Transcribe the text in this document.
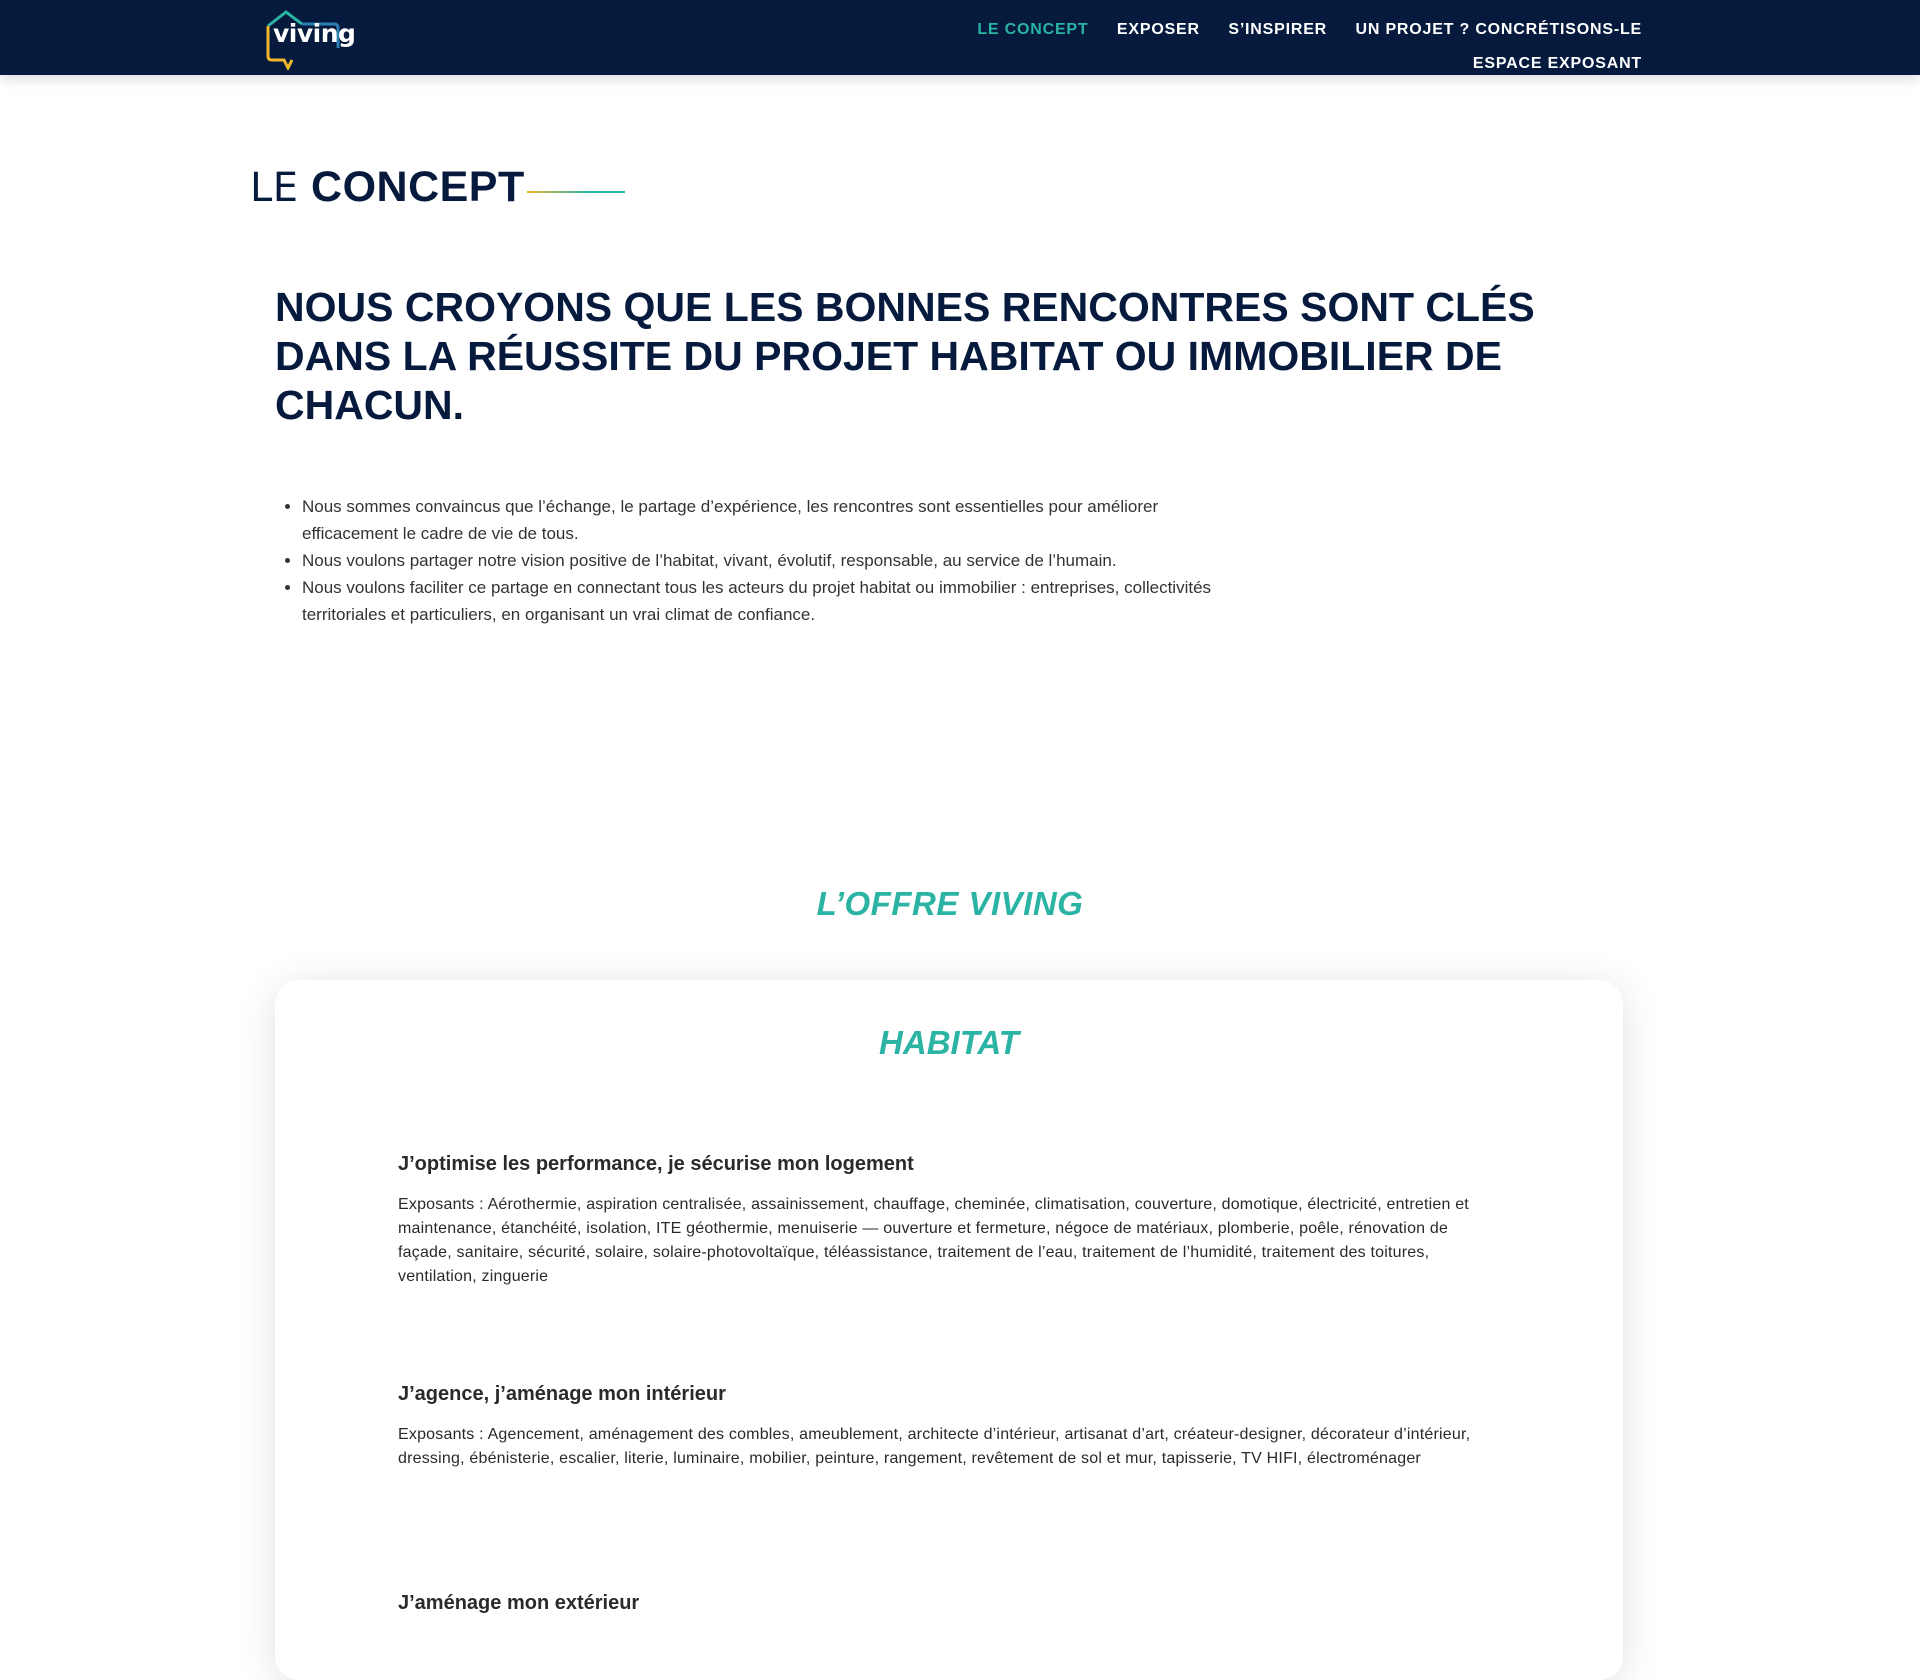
viving	LE CONCEPT EXPOSER S’INSPIRER UN PROJET ? CONCRÉTISONS-LE
ESPACE EXPOSANT
LE CONCEPT
NOUS CROYONS QUE LES BONNES RENCONTRES SONT CLÉS DANS LA RÉUSSITE DU PROJET HABITAT OU IMMOBILIER DE CHACUN.
• Nous sommes convaincus que l’échange, le partage d’expérience, les rencontres sont essentielles pour améliorer efficacement le cadre de vie de tous.
• Nous voulons partager notre vision positive de l’habitat, vivant, évolutif, responsable, au service de l’humain.
• Nous voulons faciliter ce partage en connectant tous les acteurs du projet habitat ou immobilier : entreprises, collectivités territoriales et particuliers, en organisant un vrai climat de confiance.
L’OFFRE VIVING
HABITAT
J’optimise les performance, je sécurise mon logement

Exposants : Aérothermie, aspiration centralisée, assainissement, chauffage, cheminée, climatisation, couverture, domotique, électricité, entretien et maintenance, étanchéité, isolation, ITE géothermie, menuiserie — ouverture et fermeture, négoce de matériaux, plomberie, poêle, rénovation de façade, sanitaire, sécurité, solaire, solaire-photovoltaïque, téléassistance, traitement de l’eau, traitement de l’humidité, traitement des toitures, ventilation, zinguerie

J’agence, j’aménage mon intérieur

Exposants : Agencement, aménagement des combles, ameublement, architecte d’intérieur, artisanat d’art, créateur-designer, décorateur d’intérieur, dressing, ébénisterie, escalier, literie, luminaire, mobilier, peinture, rangement, revêtement de sol et mur, tapisserie, TV HIFI, électroménager

J’aménage mon extérieur
